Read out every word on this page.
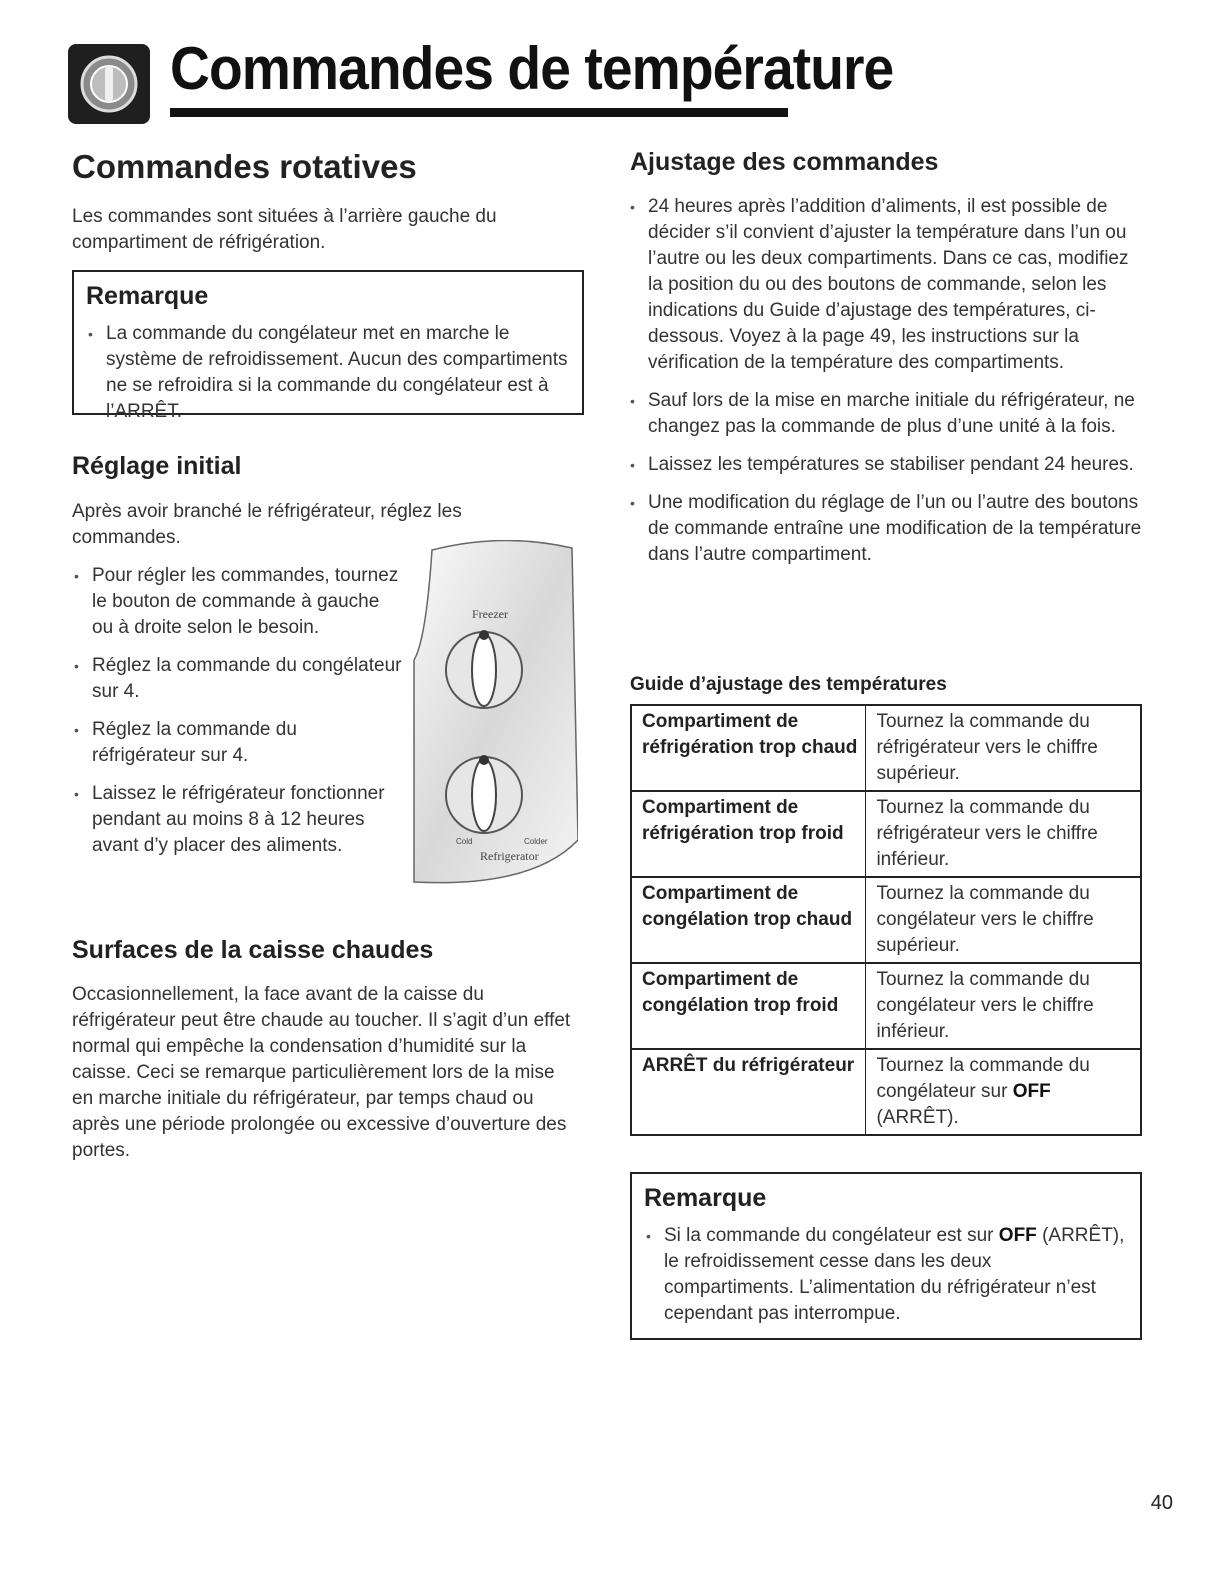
Commandes de température
Commandes rotatives
Les commandes sont situées à l’arrière gauche du compartiment de réfrigération.
Remarque
• La commande du congélateur met en marche le système de refroidissement. Aucun des compartiments ne se refroidira si la commande du congélateur est à l’ARRÊT.
Réglage initial
Après avoir branché le réfrigérateur, réglez les commandes.
• Pour régler les commandes, tournez le bouton de commande à gauche ou à droite selon le besoin.
• Réglez la commande du congélateur sur 4.
• Réglez la commande du réfrigérateur sur 4.
• Laissez le réfrigérateur fonctionner pendant au moins 8 à 12 heures avant d’y placer des aliments.
Freezer
Refrigerator
Cold	Colder
Surfaces de la caisse chaudes
Occasionnellement, la face avant de la caisse du réfrigérateur peut être chaude au toucher. Il s’agit d’un effet normal qui empêche la condensation d’humidité sur la caisse. Ceci se remarque particulièrement lors de la mise en marche initiale du réfrigérateur, par temps chaud ou après une période prolongée ou excessive d’ouverture des portes.
Ajustage des commandes
• 24 heures après l’addition d’aliments, il est possible de décider s’il convient d’ajuster la température dans l’un ou l’autre ou les deux compartiments. Dans ce cas, modifiez la position du ou des boutons de commande, selon les indications du Guide d’ajustage des températures, ci-dessous. Voyez à la page 49, les instructions sur la vérification de la température des compartiments.
• Sauf lors de la mise en marche initiale du réfrigérateur, ne changez pas la commande de plus d’une unité à la fois.
• Laissez les températures se stabiliser pendant 24 heures.
• Une modification du réglage de l’un ou l’autre des boutons de commande entraîne une modification de la température dans l’autre compartiment.
Guide d’ajustage des températures
Compartiment de réfrigération trop chaud	Tournez la commande du réfrigérateur vers le chiffre supérieur.
Compartiment de réfrigération trop froid	Tournez la commande du réfrigérateur vers le chiffre inférieur.
Compartiment de congélation trop chaud	Tournez la commande du congélateur vers le chiffre supérieur.
Compartiment de congélation trop froid	Tournez la commande du congélateur vers le chiffre inférieur.
ARRÊT du réfrigérateur	Tournez la commande du congélateur sur OFF (ARRÊT).
Remarque
• Si la commande du congélateur est sur OFF (ARRÊT), le refroidissement cesse dans les deux compartiments. L’alimentation du réfrigérateur n’est cependant pas interrompue.
40
